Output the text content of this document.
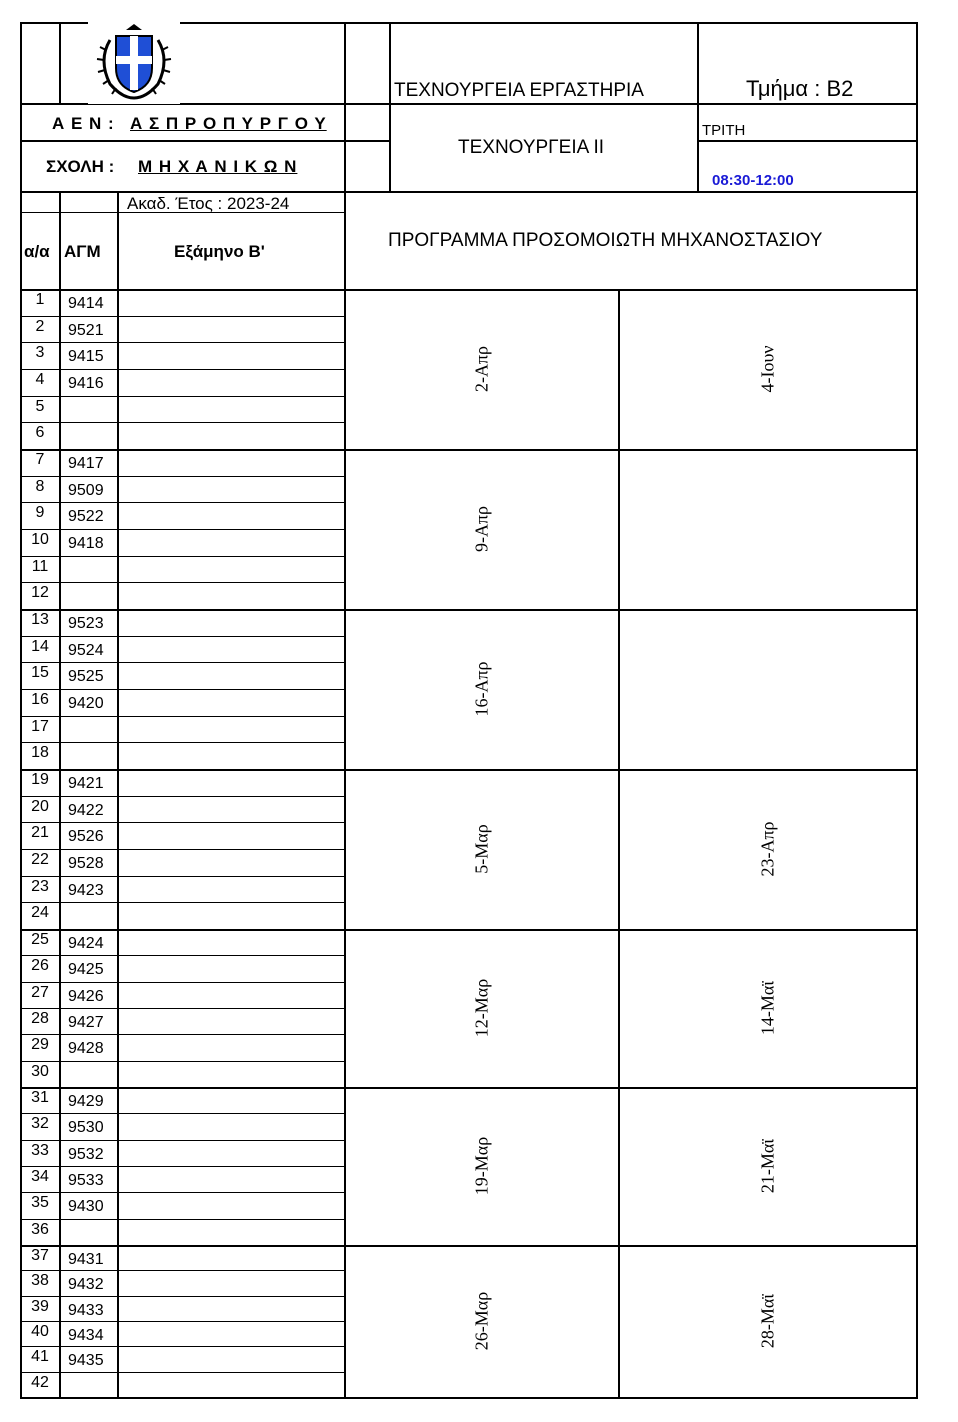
ΤΕΧΝΟΥΡΓΕΙΑ ΕΡΓΑΣΤΗΡΙΑ	Τμήμα : Β2
Α Ε Ν : Α Σ Π Ρ Ο Π Υ Ρ Γ Ο Υ
ΣΧΟΛΗ : Μ Η Χ Α Ν Ι Κ Ω Ν
ΤΕΧΝΟΥΡΓΕΙΑ ΙΙ
ΤΡΙΤΗ
08:30-12:00
Ακαδ. Έτος : 2023-24
ΠΡΟΓΡΑΜΜΑ ΠΡΟΣΟΜΟΙΩΤΗ ΜΗΧΑΝΟΣΤΑΣΙΟΥ
α/α ΑΓΜ	Εξάμηνο Β'
1	9414
2	9521
3	9415
4	9416
5
6
7	9417
8	9509
9	9522
10	9418
11
12
13	9523
14	9524
15	9525
16	9420
17
18
19	9421
20	9422
21	9526
22	9528
23	9423
24
25	9424
26	9425
27	9426
28	9427
29	9428
30
31	9429
32	9530
33	9532
34	9533
35	9430
36
37	9431
38	9432
39	9433
40	9434
41	9435
42
2-Απρ	4-Ιουν
9-Απρ
16-Απρ
5-Μαρ	23-Απρ
12-Μαρ	14-Μαϊ
19-Μαρ	21-Μαϊ
26-Μαρ	28-Μαϊ
